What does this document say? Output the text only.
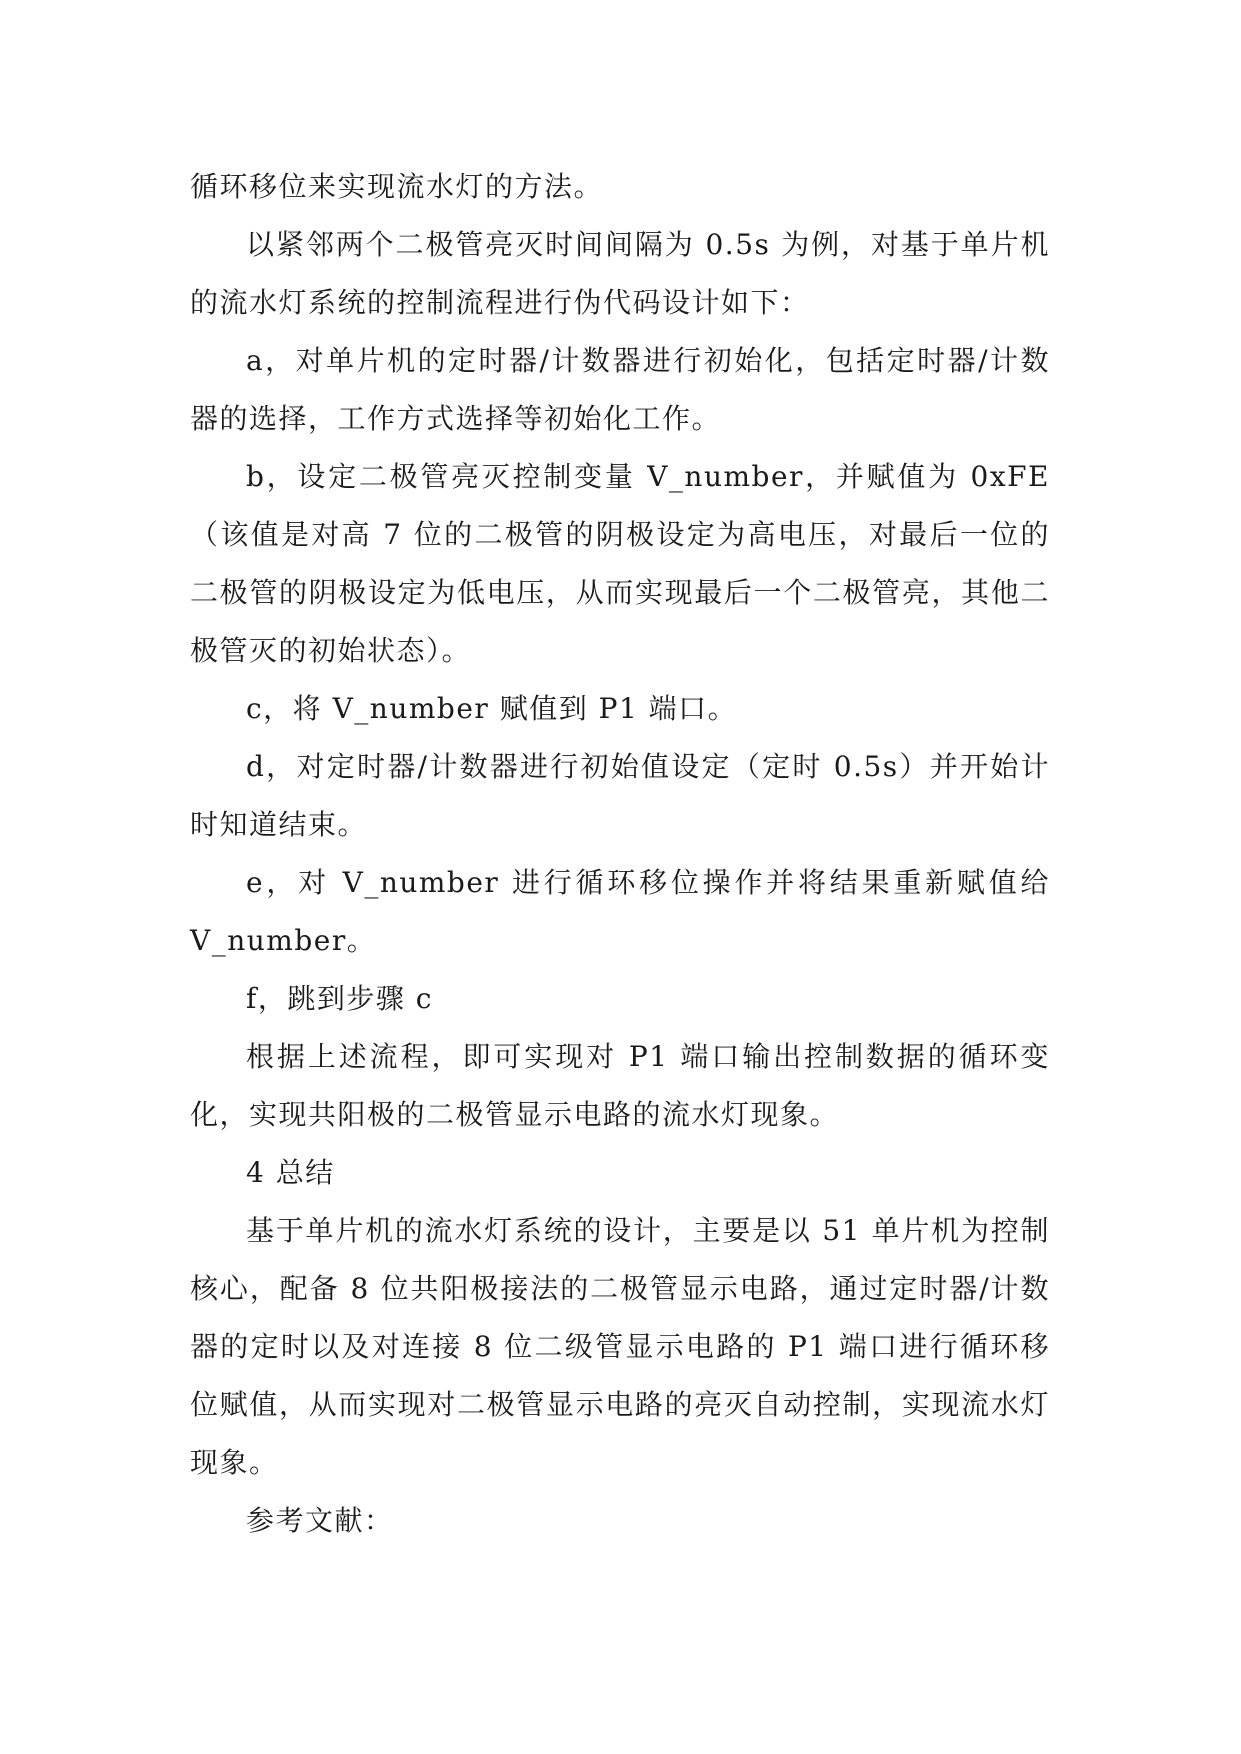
循环移位来实现流水灯的方法。

以紧邻两个二极管亮灭时间间隔为 0.5s 为例，对基于单片机的流水灯系统的控制流程进行伪代码设计如下：

a，对单片机的定时器/计数器进行初始化，包括定时器/计数器的选择，工作方式选择等初始化工作。

b，设定二极管亮灭控制变量 V_number，并赋值为 0xFE（该值是对高 7 位的二极管的阴极设定为高电压，对最后一位的二极管的阴极设定为低电压，从而实现最后一个二极管亮，其他二极管灭的初始状态）。

c，将 V_number 赋值到 P1 端口。

d，对定时器/计数器进行初始值设定（定时 0.5s）并开始计时知道结束。

e，对 V_number 进行循环移位操作并将结果重新赋值给 V_number。

f，跳到步骤 c

根据上述流程，即可实现对 P1 端口输出控制数据的循环变化，实现共阳极的二极管显示电路的流水灯现象。

4 总结

基于单片机的流水灯系统的设计，主要是以 51 单片机为控制核心，配备 8 位共阳极接法的二极管显示电路，通过定时器/计数器的定时以及对连接 8 位二级管显示电路的 P1 端口进行循环移位赋值，从而实现对二极管显示电路的亮灭自动控制，实现流水灯现象。

参考文献：
